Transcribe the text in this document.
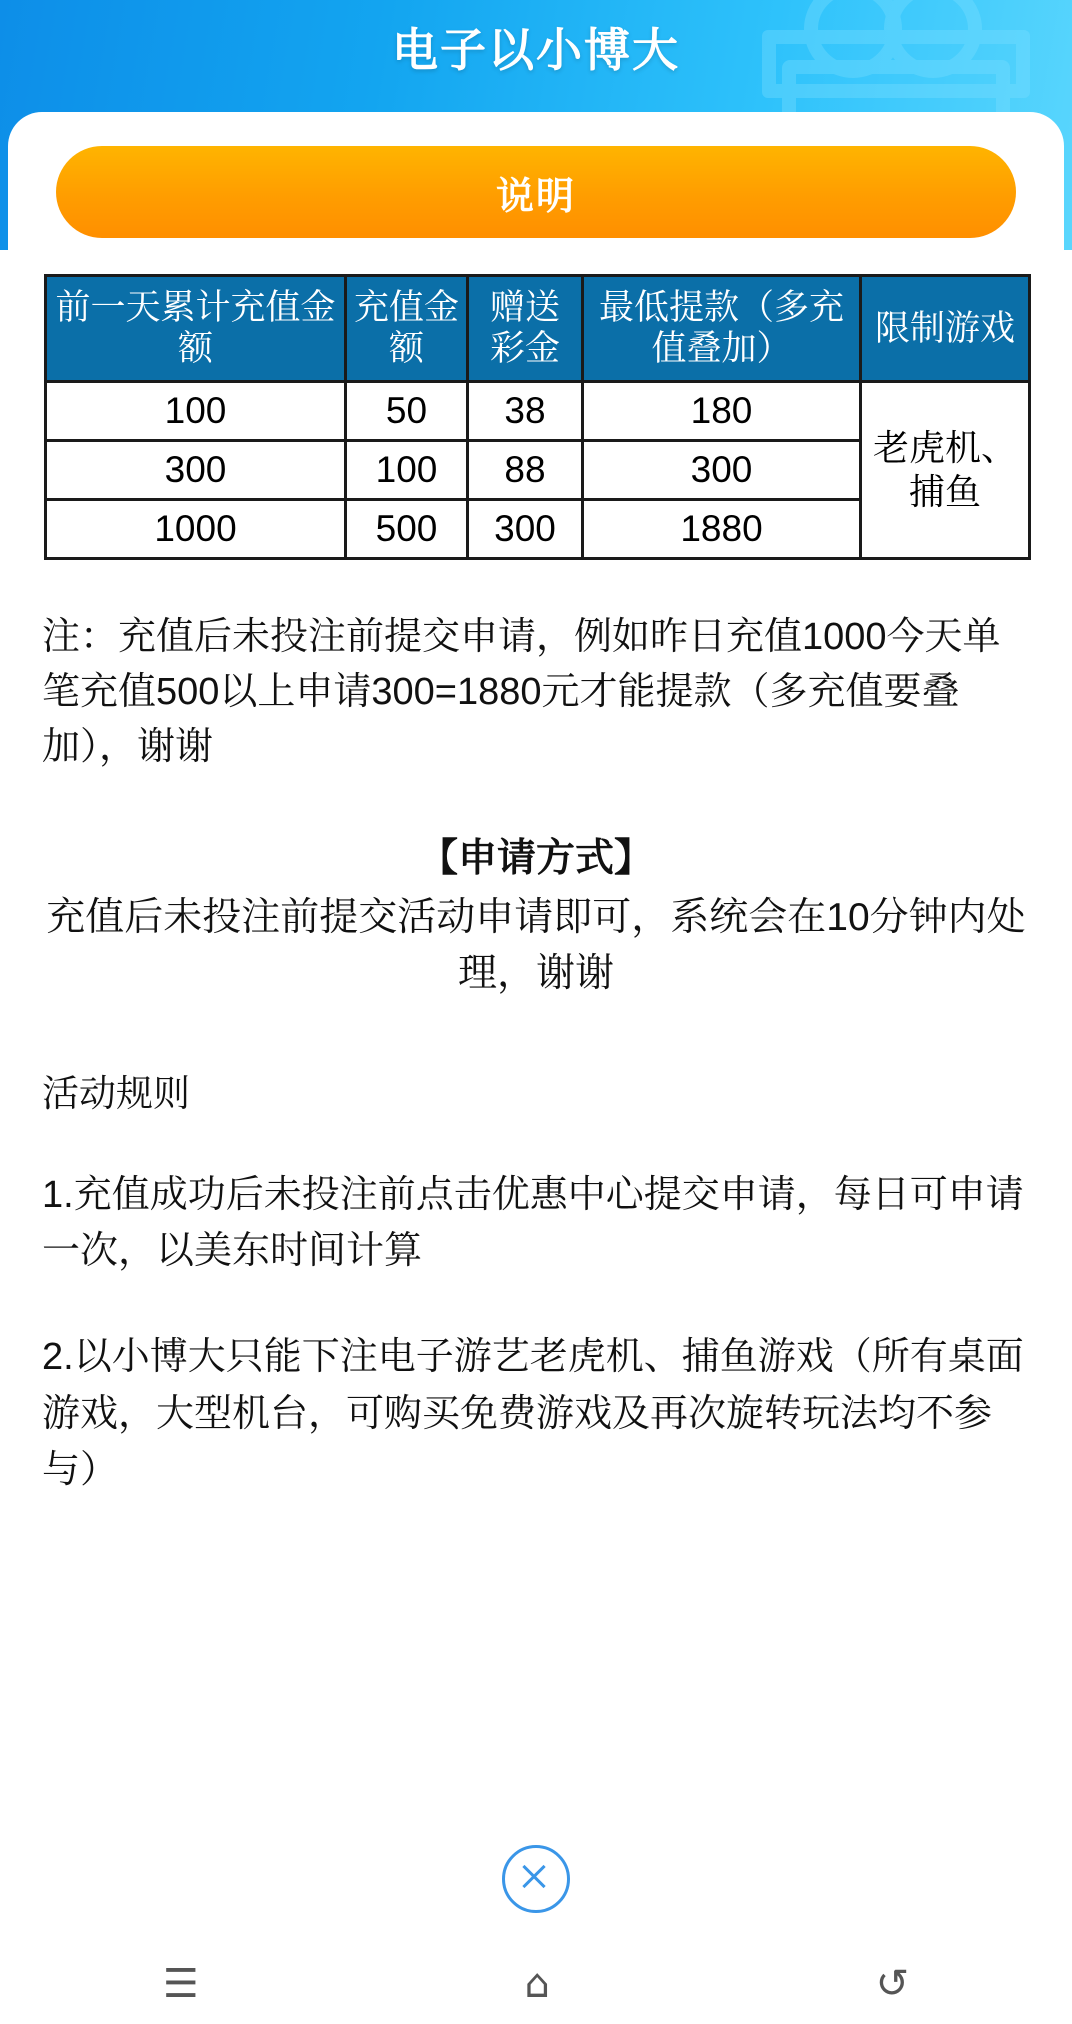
电子以小博大
说明
前一天累计充值金额	充值金额	赠送彩金	最低提款（多充值叠加）	限制游戏
100	50	38	180	老虎机、捕鱼
300	100	88	300	
1000	500	300	1880	

注：充值后未投注前提交申请，例如昨日充值1000今天单笔充值500以上申请300=1880元才能提款（多充值要叠加），谢谢

【申请方式】
充值后未投注前提交活动申请即可，系统会在10分钟内处理，谢谢

活动规则

1.充值成功后未投注前点击优惠中心提交申请，每日可申请一次，以美东时间计算

2.以小博大只能下注电子游艺老虎机、捕鱼游戏（所有桌面游戏，大型机台，可购买免费游戏及再次旋转玩法均不参与）

☰	⌂	↺
